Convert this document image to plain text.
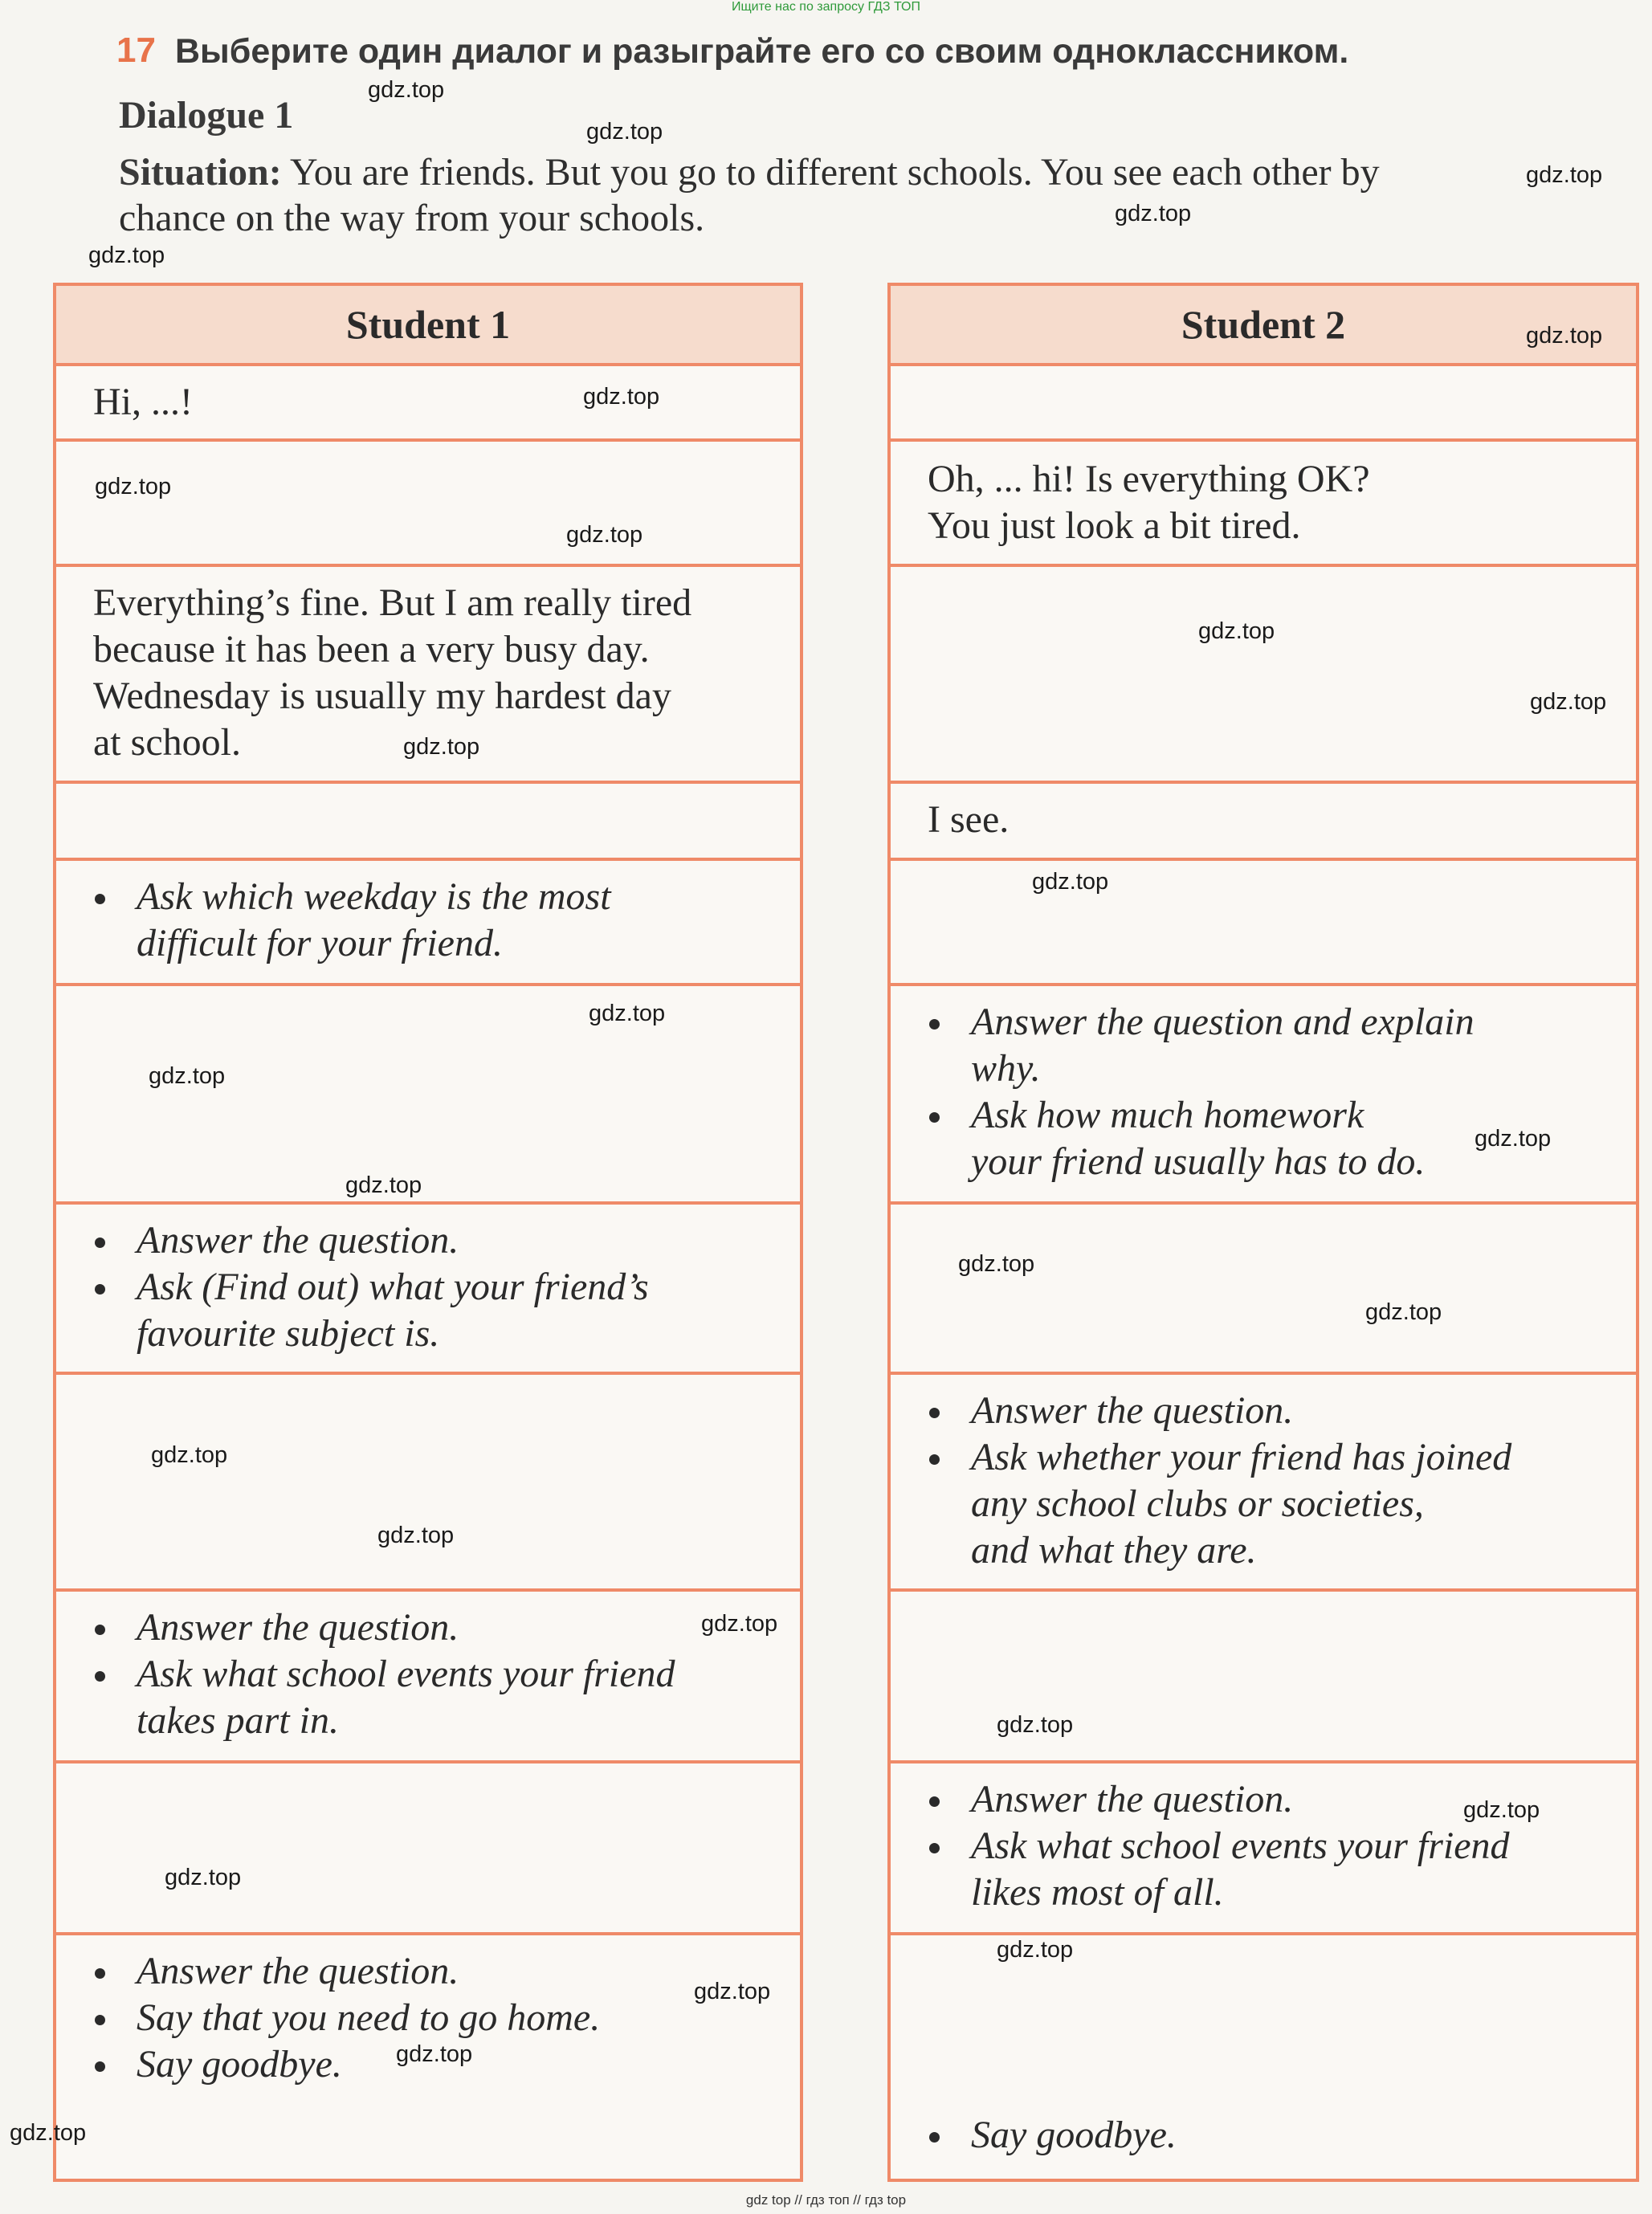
Ищите нас по запросу ГДЗ ТОП
17 Выберите один диалог и разыграйте его со своим одноклассником.
Dialogue 1
Situation: You are friends. But you go to different schools. You see each other by
chance on the way from your schools.
Student 1
Hi, ...!
Everything’s fine. But I am really tired
because it has been a very busy day.
Wednesday is usually my hardest day
at school.
Ask which weekday is the most
difficult for your friend.
Answer the question.
Ask (Find out) what your friend’s
favourite subject is.
Answer the question.
Ask what school events your friend
takes part in.
Answer the question.
Say that you need to go home.
Say goodbye.
Student 2
Oh, ... hi! Is everything OK?
You just look a bit tired.
I see.
Answer the question and explain
why.
Ask how much homework
your friend usually has to do.
Answer the question.
Ask whether your friend has joined
any school clubs or societies,
and what they are.
Answer the question.
Ask what school events your friend
likes most of all.
Say goodbye.
gdz.top
gdz.top
gdz.top
gdz.top
gdz.top
gdz.top
gdz.top
gdz.top
gdz.top
gdz.top
gdz.top
gdz.top
gdz.top
gdz.top
gdz.top
gdz.top
gdz.top
gdz.top
gdz.top
gdz.top
gdz.top
gdz.top
gdz.top
gdz.top
gdz.top
gdz.top
gdz.top
gdz.top
gdz.top
gdz top // гдз топ // гдз top
